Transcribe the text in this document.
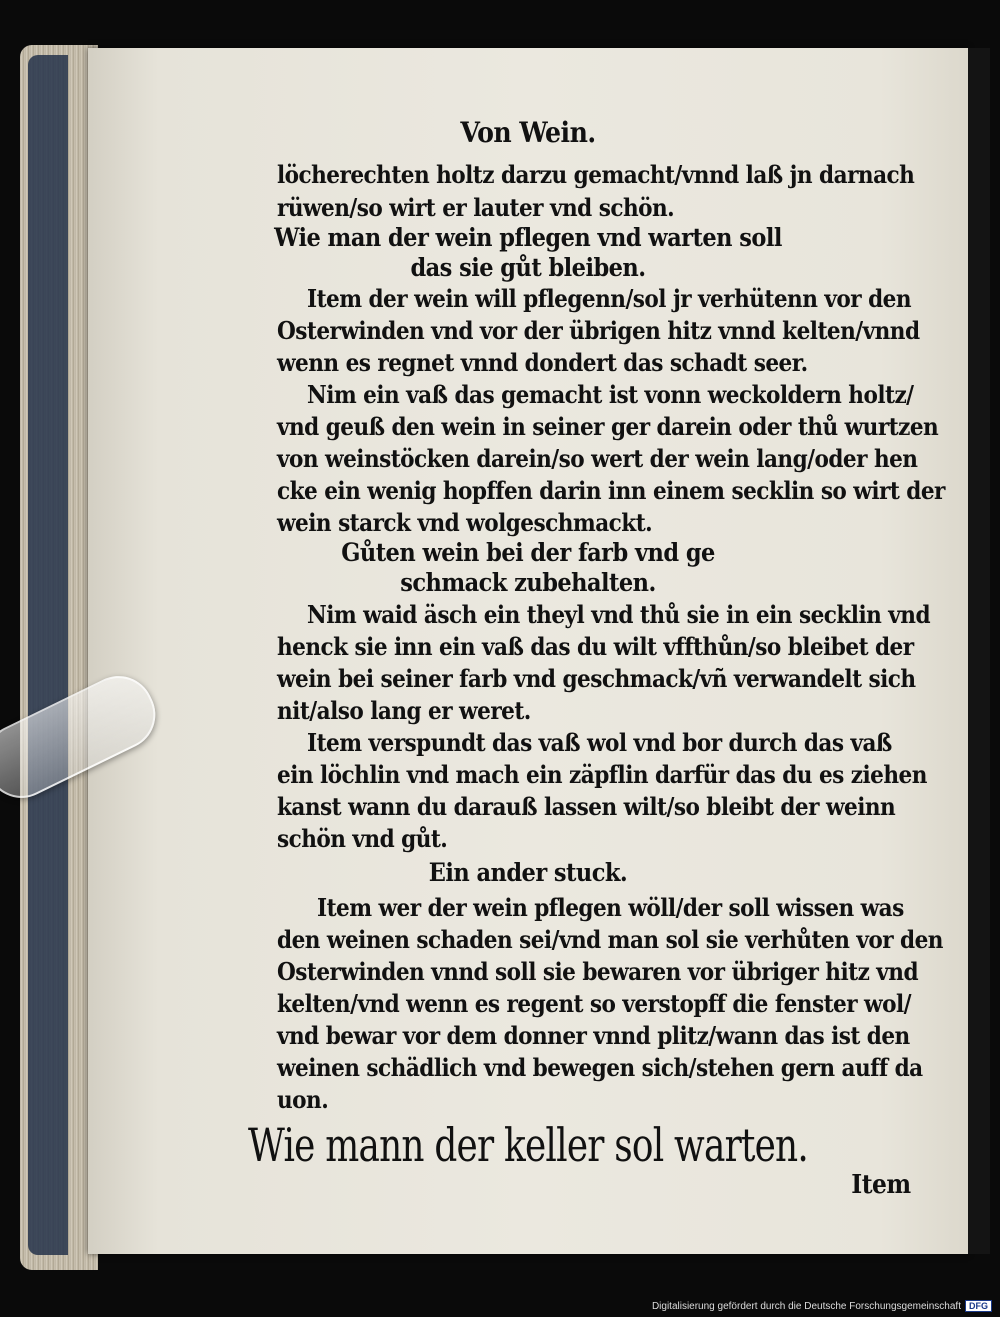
Von Wein.
löcherechten holtz darzu gemacht/vnnd laß jn darnach
rüwen/so wirt er lauter vnd schön.
Wie man der wein pflegen vnd warten soll
das sie gůt bleiben.
Item der wein will pflegenn/sol jr verhütenn vor den
Osterwinden vnd vor der übrigen hitz vnnd kelten/vnnd
wenn es regnet vnnd dondert das schadt seer.
Nim ein vaß das gemacht ist vonn weckoldern holtz/
vnd geuß den wein in seiner ger darein oder thů wurtzen
von weinstöcken darein/so wert der wein lang/oder hen
cke ein wenig hopffen darin inn einem secklin so wirt der
wein starck vnd wolgeschmackt.
Gůten wein bei der farb vnd ge
schmack zubehalten.
Nim waid äsch ein theyl vnd thů sie in ein secklin vnd
henck sie inn ein vaß das du wilt vffthůn/so bleibet der
wein bei seiner farb vnd geschmack/vñ verwandelt sich
nit/also lang er weret.
Item verspundt das vaß wol vnd bor durch das vaß
ein löchlin vnd mach ein zäpflin darfür das du es ziehen
kanst wann du darauß lassen wilt/so bleibt der weinn
schön vnd gůt.
Ein ander stuck.
Item wer der wein pflegen wöll/der soll wissen was
den weinen schaden sei/vnd man sol sie verhůten vor den
Osterwinden vnnd soll sie bewaren vor übriger hitz vnd
kelten/vnd wenn es regent so verstopff die fenster wol/
vnd bewar vor dem donner vnnd plitz/wann das ist den
weinen schädlich vnd bewegen sich/stehen gern auff da
uon.
Wie mann der keller sol warten.
Item
Digitalisierung gefördert durch die Deutsche Forschungsgemeinschaft DFG
